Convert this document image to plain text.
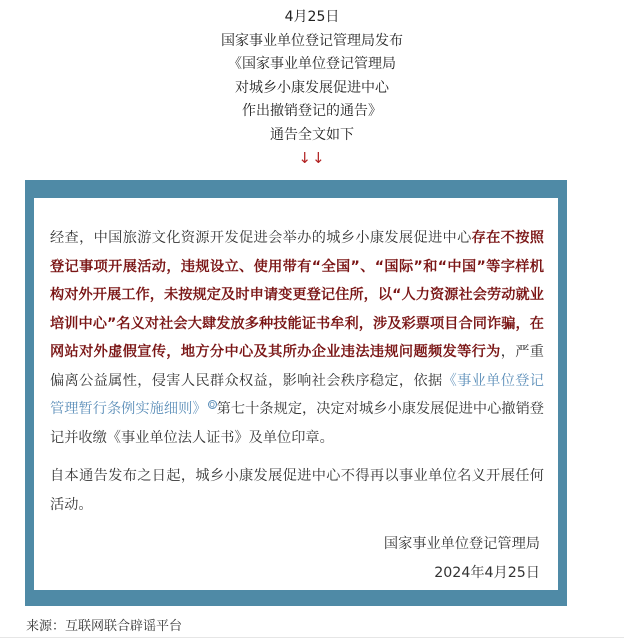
4月25日
国家事业单位登记管理局发布
《国家事业单位登记管理局
对城乡小康发展促进中心
作出撤销登记的通告》
通告全文如下
↓↓

经查，中国旅游文化资源开发促进会举办的城乡小康发展促进中心存在不按照登记事项开展活动，违规设立、使用带有“全国”、“国际”和“中国”等字样机构对外开展工作，未按规定及时申请变更登记住所，以“人力资源社会劳动就业培训中心”名义对社会大肆发放多种技能证书牟利，涉及彩票项目合同诈骗，在网站对外虚假宣传，地方分中心及其所办企业违法违规问题频发等行为，严重偏离公益属性，侵害人民群众权益，影响社会秩序稳定，依据《事业单位登记管理暂行条例实施细则》 Q 第七十条规定，决定对城乡小康发展促进中心撤销登记并收缴《事业单位法人证书》及单位印章。

自本通告发布之日起，城乡小康发展促进中心不得再以事业单位名义开展任何活动。

国家事业单位登记管理局
2024年4月25日
来源：互联网联合辟谣平台
